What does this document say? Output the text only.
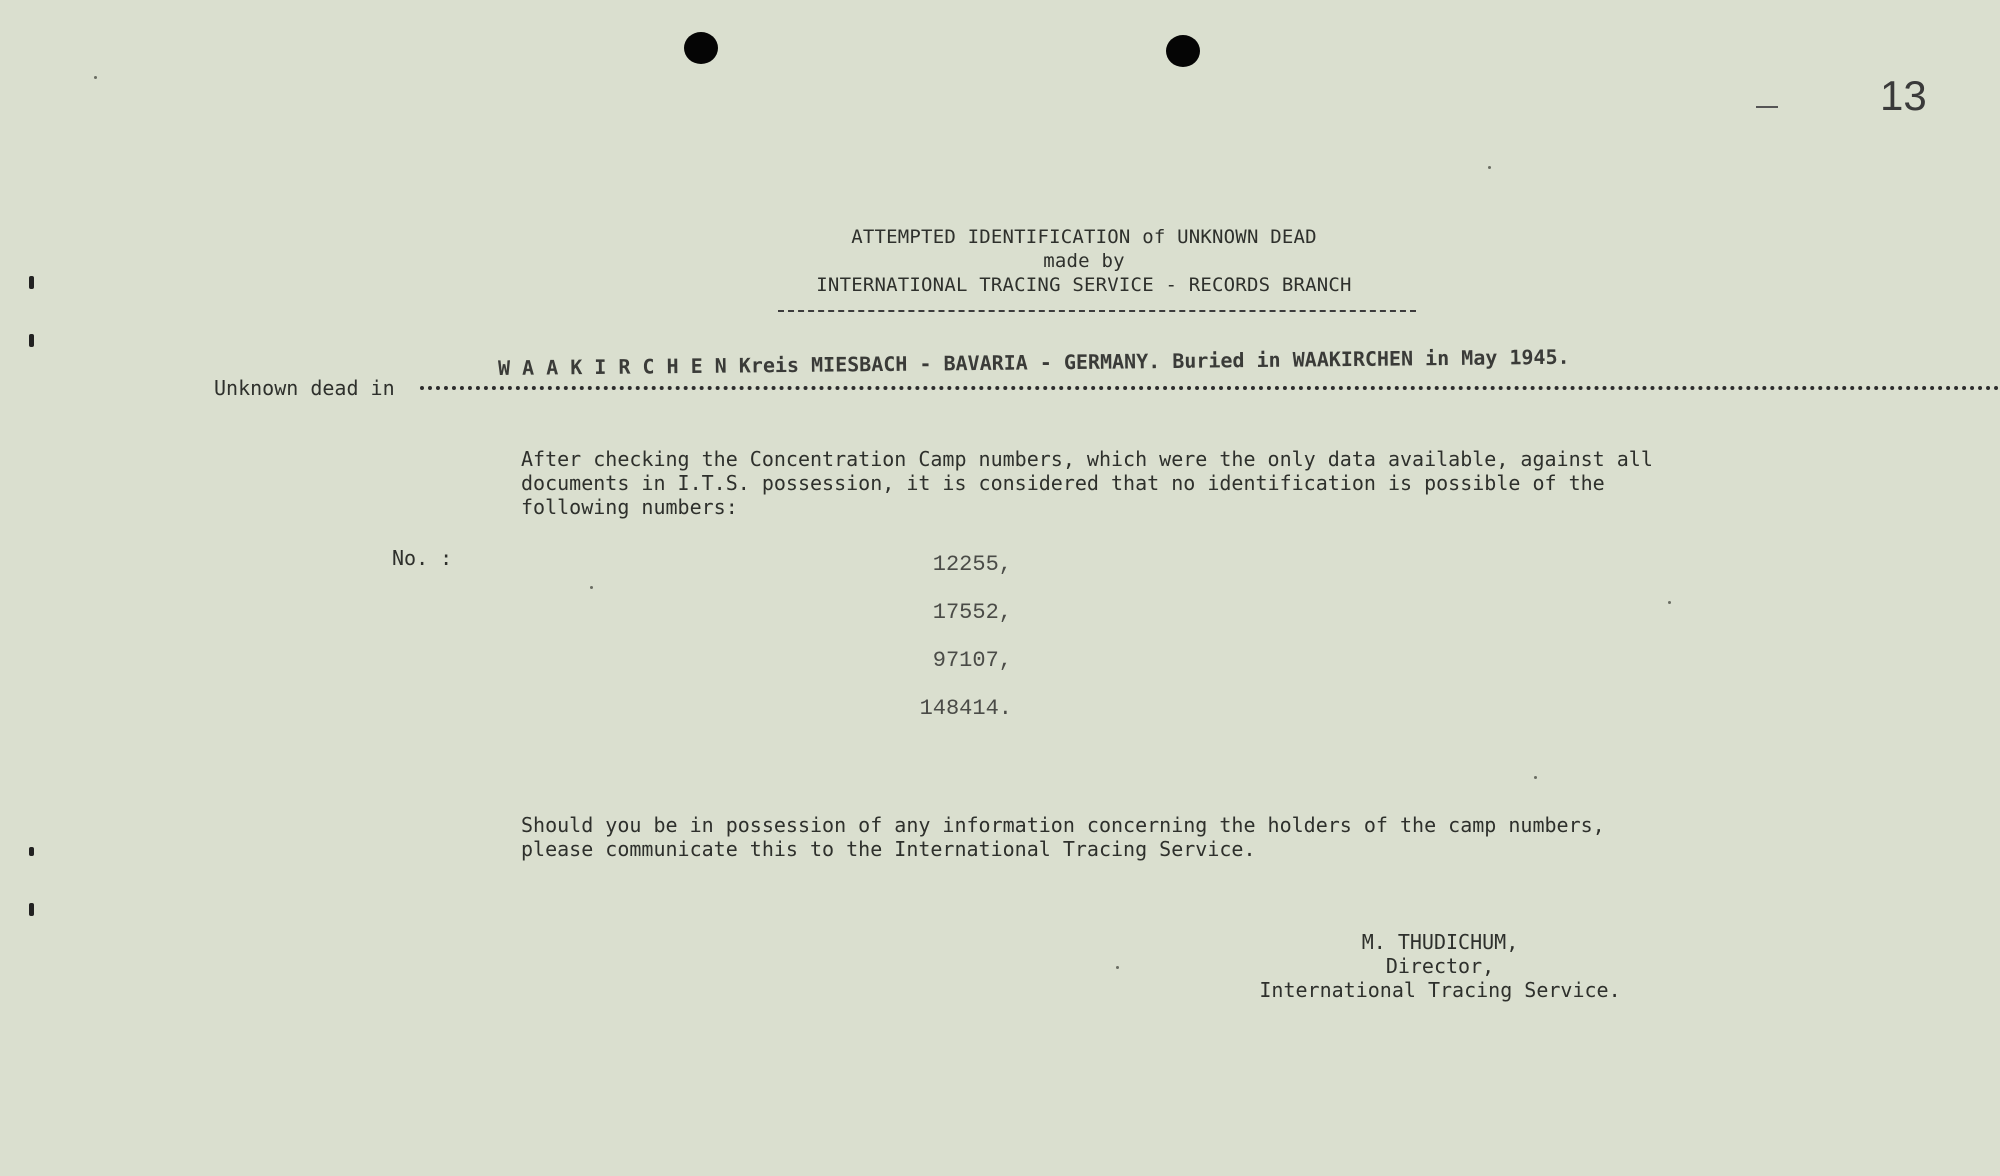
13
ATTEMPTED IDENTIFICATION of UNKNOWN DEAD
made by
INTERNATIONAL TRACING SERVICE - RECORDS BRANCH
Unknown dead in
W A A K I R C H E N Kreis MIESBACH - BAVARIA - GERMANY. Buried in WAAKIRCHEN in May 1945.
After checking the Concentration Camp numbers, which were the only data available, against all
documents in I.T.S. possession, it is considered that no identification is possible of the
following numbers:
No. :	12255,
17552,
97107,
148414.
Should you be in possession of any information concerning the holders of the camp numbers,
please communicate this to the International Tracing Service.
M. THUDICHUM,
Director,
International Tracing Service.
